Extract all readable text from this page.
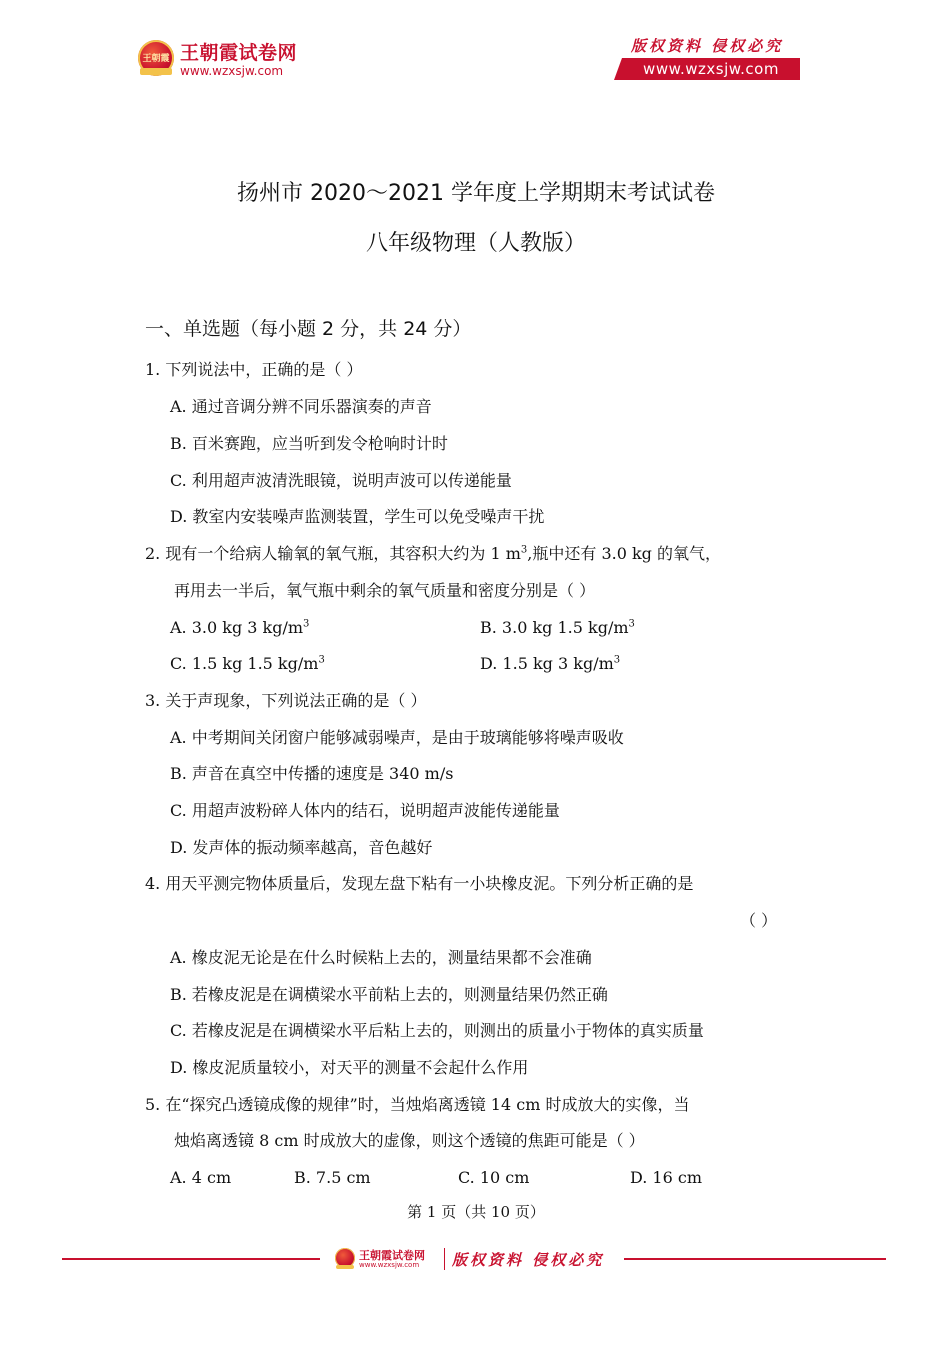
王朝霞 王朝霞试卷网
www.wzxsjw.com
版权资料 侵权必究
www.wzxsjw.com
扬州市 2020～2021 学年度上学期期末考试试卷
八年级物理（人教版）
一、单选题（每小题 2 分，共 24 分）
1. 下列说法中，正确的是（ ）
A. 通过音调分辨不同乐器演奏的声音
B. 百米赛跑，应当听到发令枪响时计时
C. 利用超声波清洗眼镜，说明声波可以传递能量
D. 教室内安装噪声监测装置，学生可以免受噪声干扰
2. 现有一个给病人输氧的氧气瓶，其容积大约为 1 $m^3$,瓶中还有 3.0 kg 的氧气，
再用去一半后，氧气瓶中剩余的氧气质量和密度分别是（ ）
A. 3.0 kg 3 $kg/m^3$	B. 3.0 kg 1.5 $kg/m^3$
C. 1.5 kg 1.5 $kg/m^3$	D. 1.5 kg 3 $kg/m^3$
3. 关于声现象，下列说法正确的是（ ）
A. 中考期间关闭窗户能够减弱噪声，是由于玻璃能够将噪声吸收
B. 声音在真空中传播的速度是 340 m/s
C. 用超声波粉碎人体内的结石，说明超声波能传递能量
D. 发声体的振动频率越高，音色越好
4. 用天平测完物体质量后，发现左盘下粘有一小块橡皮泥。下列分析正确的是
（ ）
A. 橡皮泥无论是在什么时候粘上去的，测量结果都不会准确
B. 若橡皮泥是在调横梁水平前粘上去的，则测量结果仍然正确
C. 若橡皮泥是在调横梁水平后粘上去的，则测出的质量小于物体的真实质量
D. 橡皮泥质量较小，对天平的测量不会起什么作用
5. 在“探究凸透镜成像的规律”时，当烛焰离透镜 14 cm 时成放大的实像，当
烛焰离透镜 8 cm 时成放大的虚像，则这个透镜的焦距可能是（ ）
A. 4 cm	B. 7.5 cm	C. 10 cm	D. 16 cm
第 1 页（共 10 页）
王朝霞试卷网
www.wzxsjw.com 版权资料 侵权必究
